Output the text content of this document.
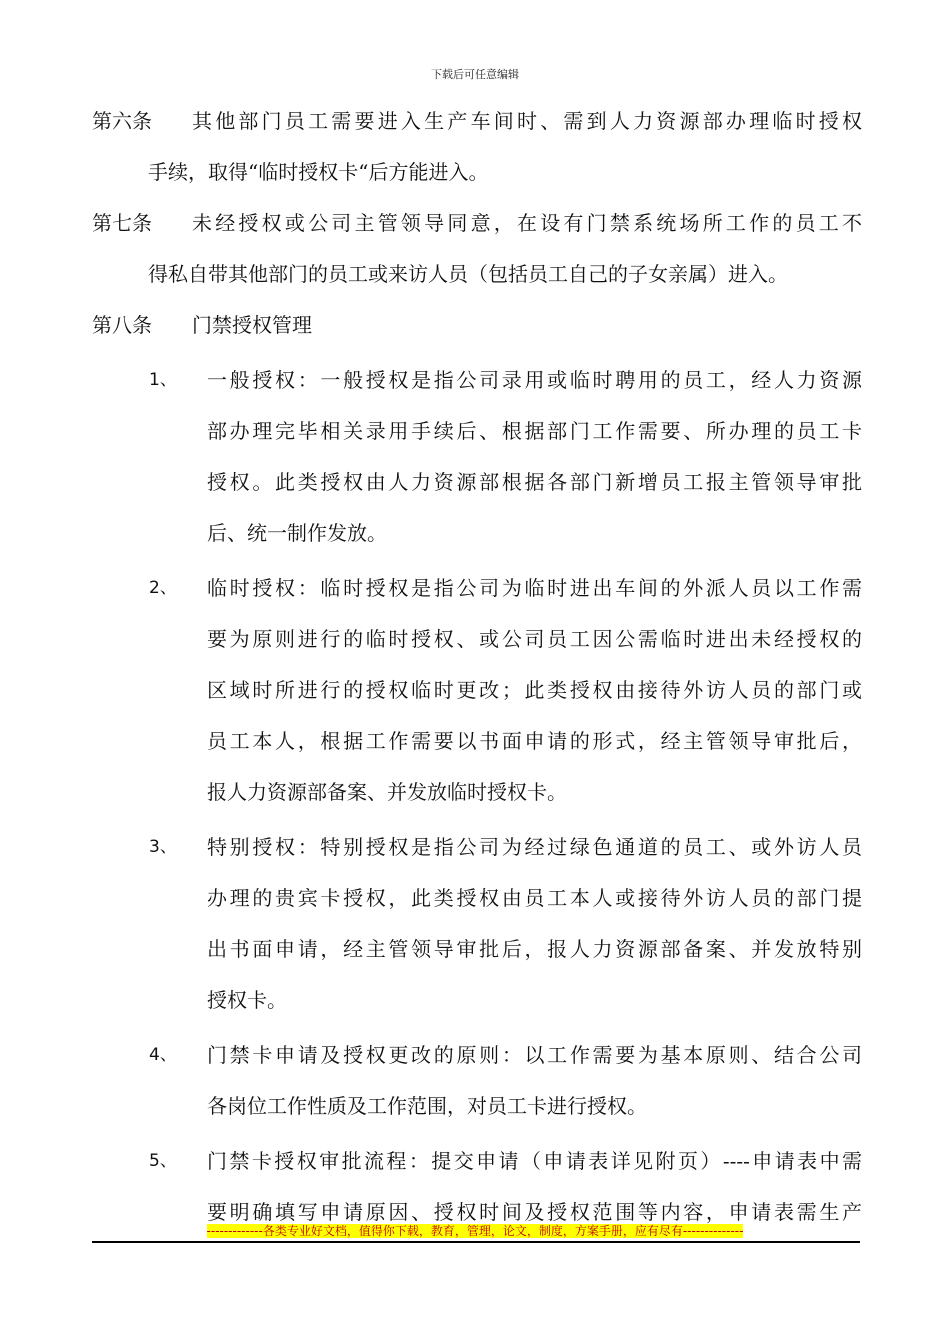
下载后可任意编辑
第六条	其他部门员工需要进入生产车间时、需到人力资源部办理临时授权
手续，取得“临时授权卡“后方能进入。
第七条	未经授权或公司主管领导同意，在设有门禁系统场所工作的员工不
得私自带其他部门的员工或来访人员（包括员工自己的子女亲属）进入。
第八条	门禁授权管理
1、	一般授权：一般授权是指公司录用或临时聘用的员工，经人力资源
部办理完毕相关录用手续后、根据部门工作需要、所办理的员工卡
授权。此类授权由人力资源部根据各部门新增员工报主管领导审批
后、统一制作发放。
2、	临时授权：临时授权是指公司为临时进出车间的外派人员以工作需
要为原则进行的临时授权、或公司员工因公需临时进出未经授权的
区域时所进行的授权临时更改；此类授权由接待外访人员的部门或
员工本人，根据工作需要以书面申请的形式，经主管领导审批后，
报人力资源部备案、并发放临时授权卡。
3、	特别授权：特别授权是指公司为经过绿色通道的员工、或外访人员
办理的贵宾卡授权，此类授权由员工本人或接待外访人员的部门提
出书面申请，经主管领导审批后，报人力资源部备案、并发放特别
授权卡。
4、	门禁卡申请及授权更改的原则：以工作需要为基本原则、结合公司
各岗位工作性质及工作范围，对员工卡进行授权。
5、	门禁卡授权审批流程：提交申请（申请表详见附页）----申请表中需
要明确填写申请原因、授权时间及授权范围等内容，申请表需生产
-------------各类专业好文档，值得你下载，教育，管理，论文，制度，方案手册，应有尽有--------------
